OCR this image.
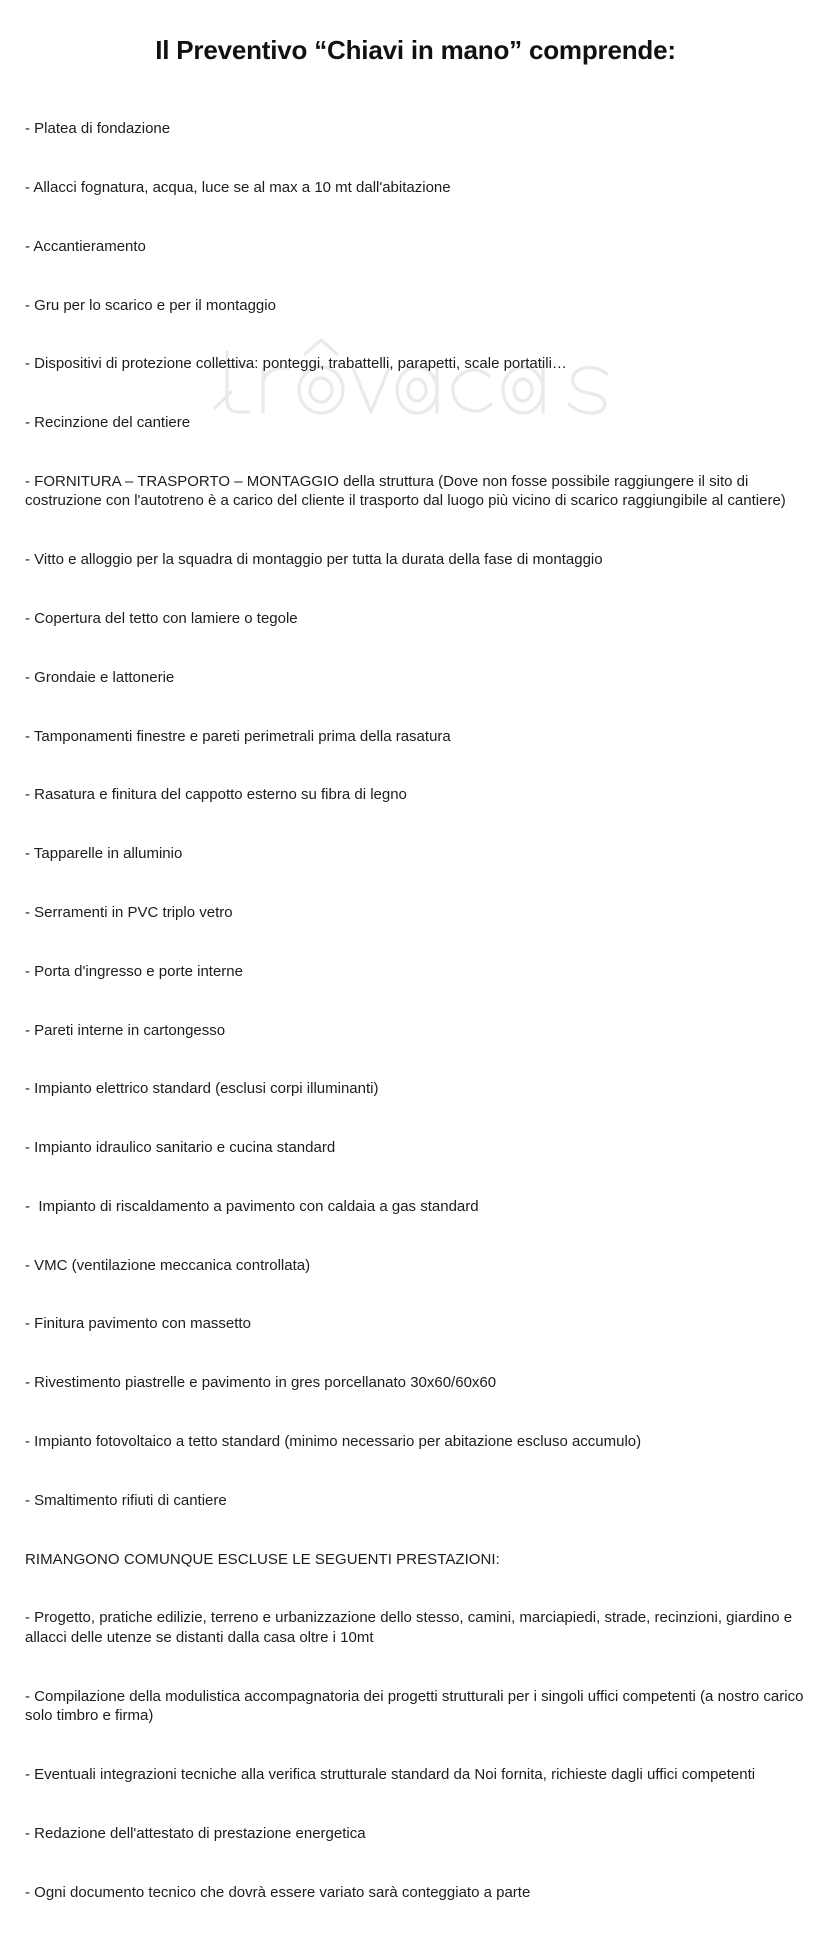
Il Preventivo “Chiavi in mano” comprende:

- Platea di fondazione

- Allacci fognatura, acqua, luce se al max a 10 mt dall'abitazione

- Accantieramento

- Gru per lo scarico e per il montaggio

- Dispositivi di protezione collettiva: ponteggi, trabattelli, parapetti, scale portatili…

- Recinzione del cantiere

- FORNITURA – TRASPORTO – MONTAGGIO della struttura (Dove non fosse possibile raggiungere il sito di costruzione con l'autotreno è a carico del cliente il trasporto dal luogo più vicino di scarico raggiungibile al cantiere)

- Vitto e alloggio per la squadra di montaggio per tutta la durata della fase di montaggio

- Copertura del tetto con lamiere o tegole

- Grondaie e lattonerie

- Tamponamenti finestre e pareti perimetrali prima della rasatura

- Rasatura e finitura del cappotto esterno su fibra di legno

- Tapparelle in alluminio

- Serramenti in PVC triplo vetro

- Porta d'ingresso e porte interne

- Pareti interne in cartongesso

- Impianto elettrico standard (esclusi corpi illuminanti)

- Impianto idraulico sanitario e cucina standard

-  Impianto di riscaldamento a pavimento con caldaia a gas standard

- VMC (ventilazione meccanica controllata)

- Finitura pavimento con massetto

- Rivestimento piastrelle e pavimento in gres porcellanato 30x60/60x60

- Impianto fotovoltaico a tetto standard (minimo necessario per abitazione escluso accumulo)

- Smaltimento rifiuti di cantiere

RIMANGONO COMUNQUE ESCLUSE LE SEGUENTI PRESTAZIONI:

- Progetto, pratiche edilizie, terreno e urbanizzazione dello stesso, camini, marciapiedi, strade, recinzioni, giardino e allacci delle utenze se distanti dalla casa oltre i 10mt

- Compilazione della modulistica accompagnatoria dei progetti strutturali per i singoli uffici competenti (a nostro carico solo timbro e firma)

- Eventuali integrazioni tecniche alla verifica strutturale standard da Noi fornita, richieste dagli uffici competenti

- Redazione dell'attestato di prestazione energetica

- Ogni documento tecnico che dovrà essere variato sarà conteggiato a parte
